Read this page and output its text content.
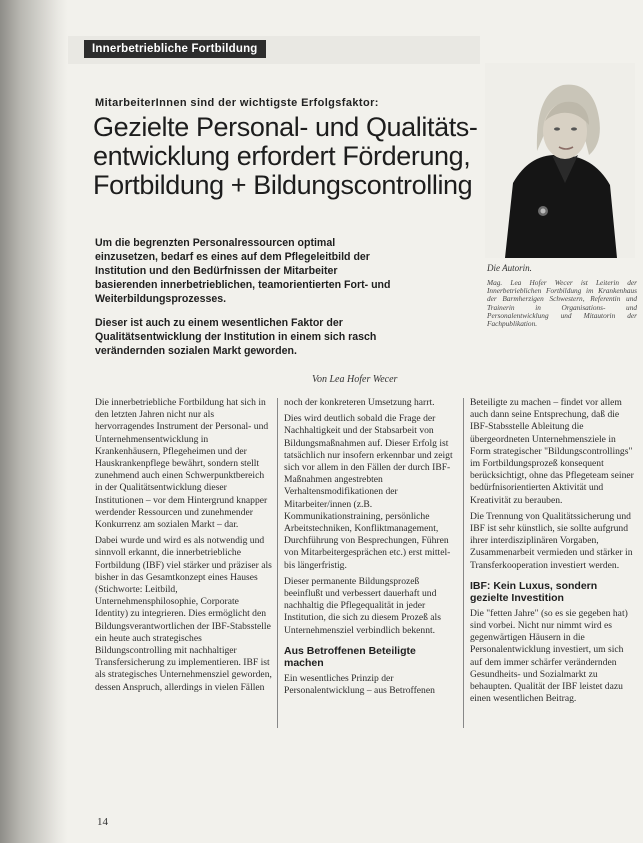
Innerbetriebliche Fortbildung
MitarbeiterInnen sind der wichtigste Erfolgsfaktor:
Gezielte Personal- und Qualitäts-
entwicklung erfordert Förderung,
Fortbildung + Bildungscontrolling
Die Autorin.
Mag. Lea Hofer Wecer ist Leiterin der Innerbetrieblichen Fortbildung im Krankenhaus der Barmherzigen Schwestern, Referentin und Trainerin in Organisations- und Personalentwicklung und Mitautorin der Fachpublikation.

Um die begrenzten Personalressourcen optimal einzusetzen, bedarf es eines auf dem Pflegeleitbild der Institution und den Bedürfnissen der Mitarbeiter basierenden innerbetrieblichen, teamorientierten Fort- und Weiterbildungsprozesses.

Dieser ist auch zu einem wesentlichen Faktor der Qualitätsentwicklung der Institution in einem sich rasch verändernden sozialen Markt geworden.

Von Lea Hofer Wecer

Die innerbetriebliche Fortbildung hat sich in den letzten Jahren nicht nur als hervorragendes Instrument der Personal- und Unternehmensentwicklung in Krankenhäusern, Pflegeheimen und der Hauskrankenpflege bewährt, sondern stellt zunehmend auch einen Schwerpunktbereich in der Qualitätsentwicklung dieser Institutionen – vor dem Hintergrund knapper werdender Ressourcen und zunehmender Konkurrenz am sozialen Markt – dar.

Dabei wurde und wird es als notwendig und sinnvoll erkannt, die innerbetriebliche Fortbildung (IBF) viel stärker und präziser als bisher in das Gesamtkonzept eines Hauses (Stichworte: Leitbild, Unternehmensphilosophie, Corporate Identity) zu integrieren. Dies ermöglicht den Bildungsverantwortlichen der IBF-Stabsstelle ein heute auch strategisches Bildungscontrolling mit nachhaltiger Transfersicherung zu implementieren. IBF ist als strategisches Unternehmensziel geworden, dessen Anspruch, allerdings in vielen Fällen

noch der konkreteren Umsetzung harrt.

Dies wird deutlich sobald die Frage der Nachhaltigkeit und der Stabsarbeit von Bildungsmaßnahmen auf. Dieser Erfolg ist tatsächlich nur insofern erkennbar und zeigt sich vor allem in den Fällen der durch IBF-Maßnahmen angestrebten Verhaltensmodifikationen der Mitarbeiter/innen (z.B. Kommunikationstraining, persönliche Arbeitstechniken, Konfliktmanagement, Durchführung von Besprechungen, Führen von Mitarbeitergesprächen etc.) erst mittel- bis längerfristig.

Dieser permanente Bildungsprozeß beeinflußt und verbessert dauerhaft und nachhaltig die Pflegequalität in jeder Institution, die sich zu diesem Prozeß als Unternehmensziel verbindlich bekennt.

Aus Betroffenen Beteiligte machen

Ein wesentliches Prinzip der Personalentwicklung – aus Betroffenen

Beteiligte zu machen – findet vor allem auch dann seine Entsprechung, daß die IBF-Stabsstelle Ableitung die übergeordneten Unternehmensziele in Form strategischer "Bildungscontrollings" im Fortbildungsprozeß konsequent berücksichtigt, ohne das Pflegeteam seiner bedürfnisorientierten Aktivität und Kreativität zu berauben.

Die Trennung von Qualitätssicherung und IBF ist sehr künstlich, sie sollte aufgrund ihrer interdisziplinären Vorgaben, Zusammenarbeit vermieden und stärker in Transferkooperation investiert werden.

IBF: Kein Luxus, sondern gezielte Investition

Die "fetten Jahre" (so es sie gegeben hat) sind vorbei. Nicht nur nimmt wird es gegenwärtigen Häusern in die Personalentwicklung investiert, um sich auf dem immer schärfer verändernden Gesundheits- und Sozialmarkt zu behaupten. Qualität der IBF leistet dazu einen wesentlichen Beitrag.

14
